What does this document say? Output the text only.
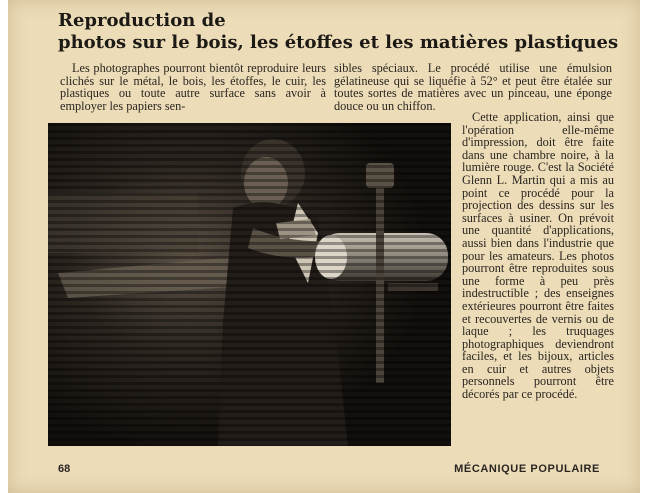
Reproduction de
photos sur le bois, les étoffes et les matières plastiques

Les photographes pourront bientôt reproduire leurs clichés sur le métal, le bois, les étoffes, le cuir, les plastiques ou toute autre surface sans avoir à employer les papiers sen-

sibles spéciaux. Le procédé utilise une émulsion gélatineuse qui se liquéfie à 52° et peut être étalée sur toutes sortes de matières avec un pinceau, une éponge douce ou un chiffon.

Cette application, ainsi que l'opération elle-même d'impression, doit être faite dans une chambre noire, à la lumière rouge. C'est la Société Glenn L. Martin qui a mis au point ce procédé pour la projection des dessins sur les surfaces à usiner. On prévoit une quantité d'applications, aussi bien dans l'industrie que pour les amateurs. Les photos pourront être reproduites sous une forme à peu près indestructible ; des enseignes extérieures pourront être faites et recouvertes de vernis ou de laque ; les truquages photographiques deviendront faciles, et les bijoux, articles en cuir et autres objets personnels pourront être décorés par ce procédé.

68	MÉCANIQUE POPULAIRE
